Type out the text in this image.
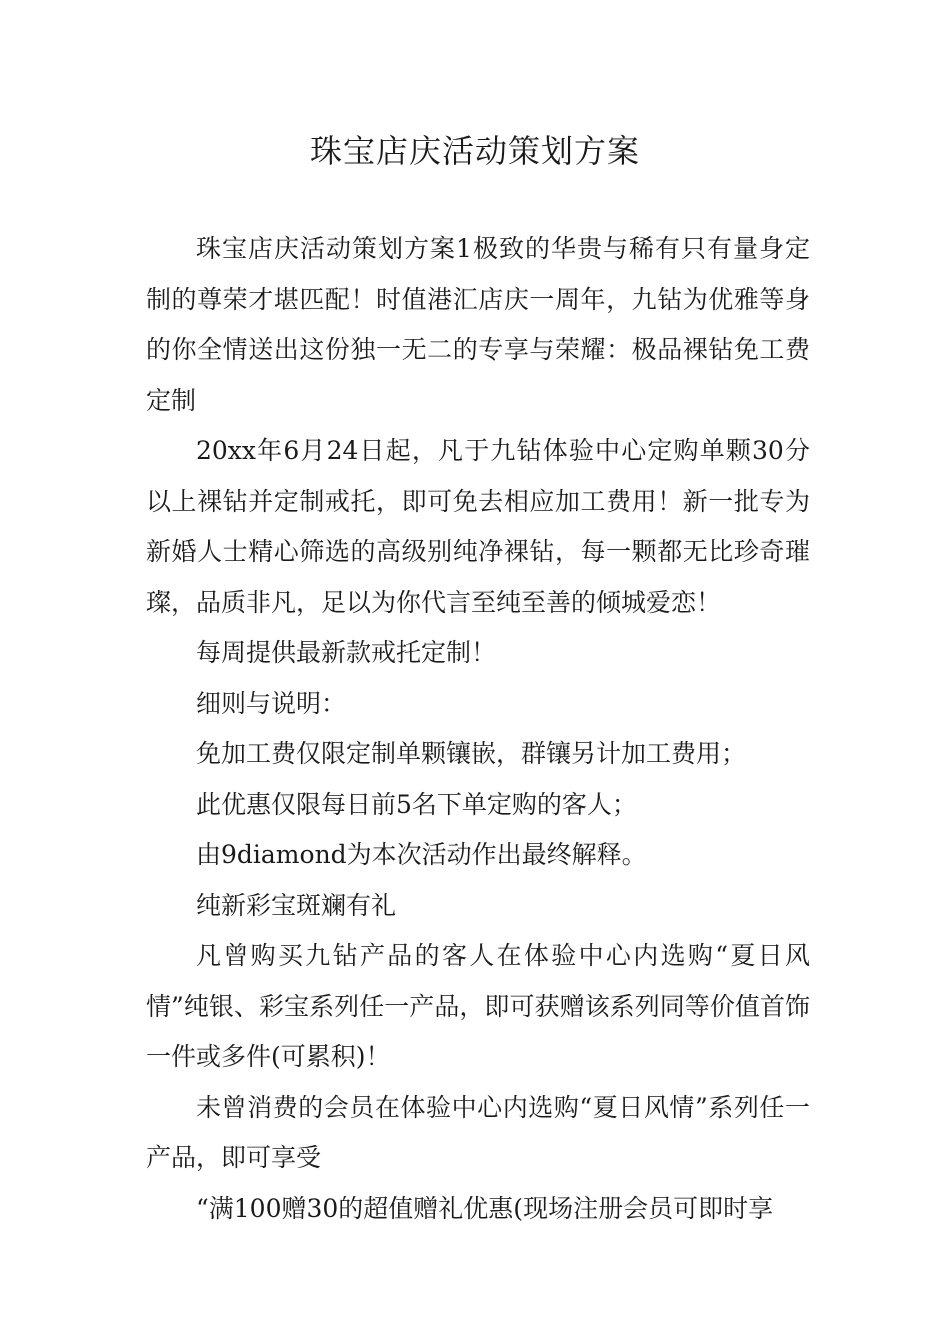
珠宝店庆活动策划方案

珠宝店庆活动策划方案1极致的华贵与稀有只有量身定制的尊荣才堪匹配！时值港汇店庆一周年，九钻为优雅等身的你全情送出这份独一无二的专享与荣耀：极品裸钻免工费定制

20xx年6月24日起，凡于九钻体验中心定购单颗30分以上裸钻并定制戒托，即可免去相应加工费用！新一批专为新婚人士精心筛选的高级别纯净裸钻，每一颗都无比珍奇璀璨，品质非凡，足以为你代言至纯至善的倾城爱恋！

每周提供最新款戒托定制！

细则与说明：

免加工费仅限定制单颗镶嵌，群镶另计加工费用；

此优惠仅限每日前5名下单定购的客人；

由9diamond为本次活动作出最终解释。

纯新彩宝斑斓有礼

凡曾购买九钻产品的客人在体验中心内选购“夏日风情”纯银、彩宝系列任一产品，即可获赠该系列同等价值首饰一件或多件(可累积)！

未曾消费的会员在体验中心内选购“夏日风情”系列任一产品，即可享受

“满100赠30的超值赠礼优惠(现场注册会员可即时享
